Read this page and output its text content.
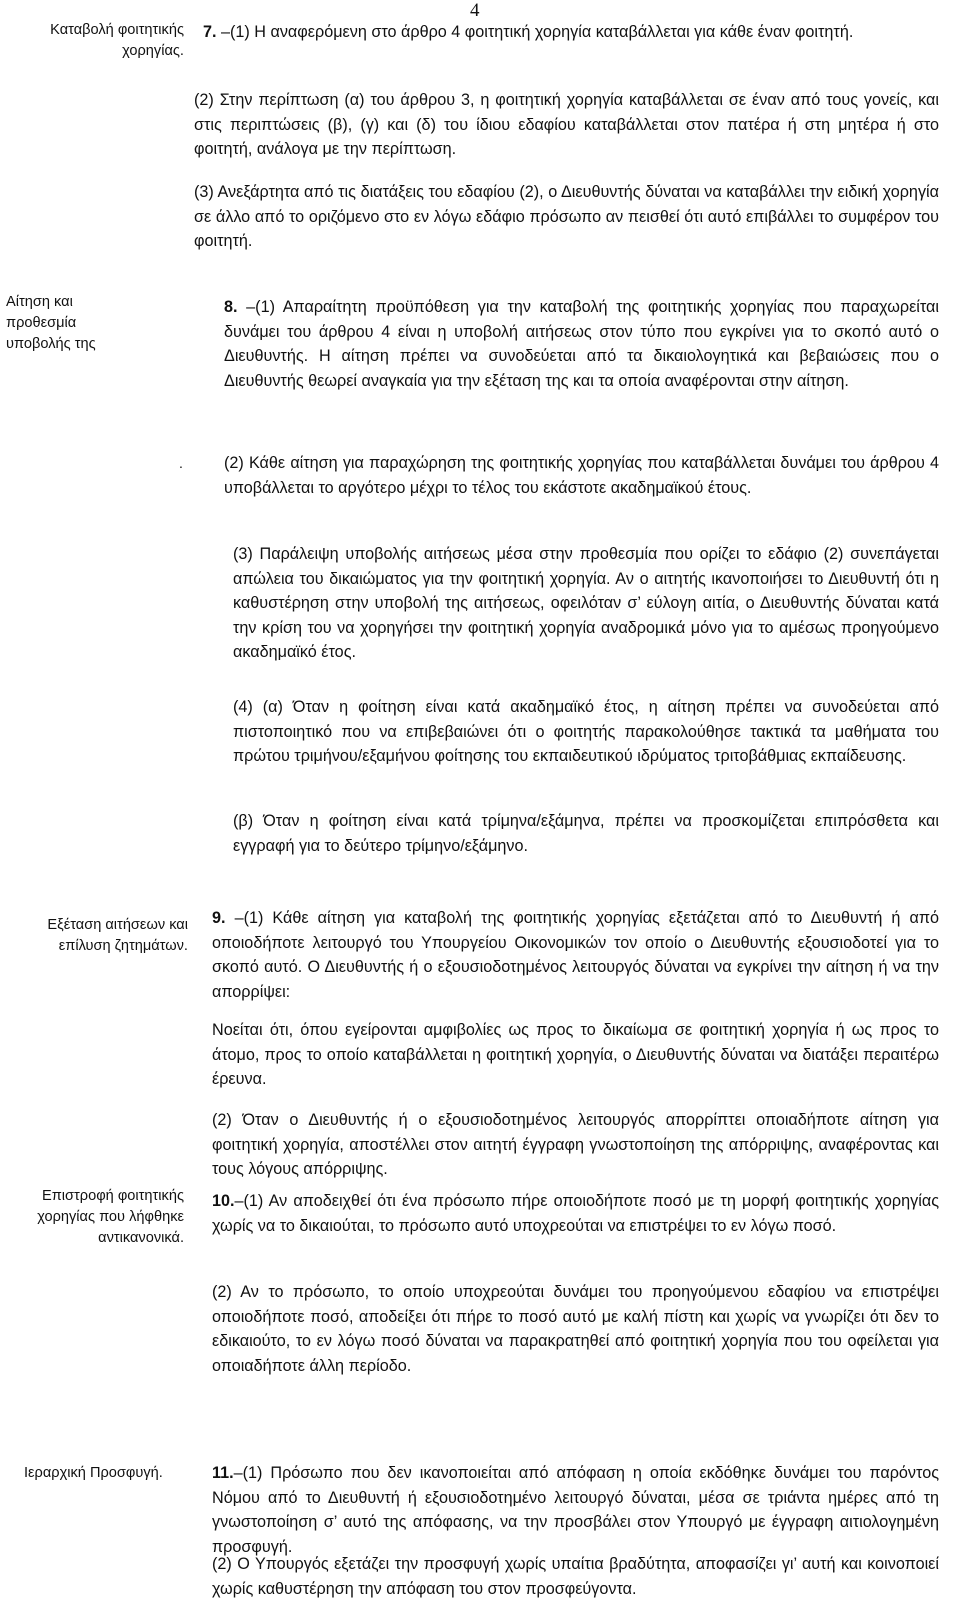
4
Καταβολή φοιτητικής χορηγίας.
Αίτηση και προθεσμία υποβολής της
Εξέταση αιτήσεων και επίλυση ζητημάτων.
Επιστροφή φοιτητικής χορηγίας που λήφθηκε αντικανονικά.
Ιεραρχική Προσφυγή.

7. –(1) Η αναφερόμενη στο άρθρο 4 φοιτητική χορηγία καταβάλλεται για κάθε έναν φοιτητή.

(2) Στην περίπτωση (α) του άρθρου 3, η φοιτητική χορηγία καταβάλλεται σε έναν από τους γονείς, και στις περιπτώσεις (β), (γ) και (δ) του ίδιου εδαφίου καταβάλλεται στον πατέρα ή στη μητέρα ή στο φοιτητή, ανάλογα με την περίπτωση.

(3) Ανεξάρτητα από τις διατάξεις του εδαφίου (2), ο Διευθυντής δύναται να καταβάλλει την ειδική χορηγία σε άλλο από το οριζόμενο στο εν λόγω εδάφιο πρόσωπο αν πεισθεί ότι αυτό επιβάλλει το συμφέρον του φοιτητή.

8. –(1) Απαραίτητη προϋπόθεση για την καταβολή της φοιτητικής χορηγίας που παραχωρείται δυνάμει του άρθρου 4 είναι η υποβολή αιτήσεως στον τύπο που εγκρίνει για το σκοπό αυτό ο Διευθυντής. Η αίτηση πρέπει να συνοδεύεται από τα δικαιολογητικά και βεβαιώσεις που ο Διευθυντής θεωρεί αναγκαία για την εξέταση της και τα οποία αναφέρονται στην αίτηση.

.	(2) Κάθε αίτηση για παραχώρηση της φοιτητικής χορηγίας που καταβάλλεται δυνάμει του άρθρου 4 υποβάλλεται το αργότερο μέχρι το τέλος του εκάστοτε ακαδημαϊκού έτους.

(3) Παράλειψη υποβολής αιτήσεως μέσα στην προθεσμία που ορίζει το εδάφιο (2) συνεπάγεται απώλεια του δικαιώματος για την φοιτητική χορηγία. Αν ο αιτητής ικανοποιήσει το Διευθυντή ότι η καθυστέρηση στην υποβολή της αιτήσεως, οφειλόταν σ’ εύλογη αιτία, ο Διευθυντής δύναται κατά την κρίση του να χορηγήσει την φοιτητική χορηγία αναδρομικά μόνο για το αμέσως προηγούμενο ακαδημαϊκό έτος.

(4) (α) Όταν η φοίτηση είναι κατά ακαδημαϊκό έτος, η αίτηση πρέπει να συνοδεύεται από πιστοποιητικό που να επιβεβαιώνει ότι ο φοιτητής παρακολούθησε τακτικά τα μαθήματα του πρώτου τριμήνου/εξαμήνου φοίτησης του εκπαιδευτικού ιδρύματος τριτοβάθμιας εκπαίδευσης.

(β) Όταν η φοίτηση είναι κατά τρίμηνα/εξάμηνα, πρέπει να προσκομίζεται επιπρόσθετα και εγγραφή για το δεύτερο τρίμηνο/εξάμηνο.

9. –(1) Κάθε αίτηση για καταβολή της φοιτητικής χορηγίας εξετάζεται από το Διευθυντή ή από οποιοδήποτε λειτουργό του Υπουργείου Οικονομικών τον οποίο ο Διευθυντής εξουσιοδοτεί για το σκοπό αυτό. Ο Διευθυντής ή ο εξουσιοδοτημένος λειτουργός δύναται να εγκρίνει την αίτηση ή να την απορρίψει:

Νοείται ότι, όπου εγείρονται αμφιβολίες ως προς το δικαίωμα σε φοιτητική χορηγία ή ως προς το άτομο, προς το οποίο καταβάλλεται η φοιτητική χορηγία, ο Διευθυντής δύναται να διατάξει περαιτέρω έρευνα.

(2) Όταν ο Διευθυντής ή ο εξουσιοδοτημένος λειτουργός απορρίπτει οποιαδήποτε αίτηση για φοιτητική χορηγία, αποστέλλει στον αιτητή έγγραφη γνωστοποίηση της απόρριψης, αναφέροντας και τους λόγους απόρριψης.

10.–(1) Αν αποδειχθεί ότι ένα πρόσωπο πήρε οποιοδήποτε ποσό με τη μορφή φοιτητικής χορηγίας χωρίς να το δικαιούται, το πρόσωπο αυτό υποχρεούται να επιστρέψει το εν λόγω ποσό.

(2) Αν το πρόσωπο, το οποίο υποχρεούται δυνάμει του προηγούμενου εδαφίου να επιστρέψει οποιοδήποτε ποσό, αποδείξει ότι πήρε το ποσό αυτό με καλή πίστη και χωρίς να γνωρίζει ότι δεν το εδικαιούτο, το εν λόγω ποσό δύναται να παρακρατηθεί από φοιτητική χορηγία που του οφείλεται για οποιαδήποτε άλλη περίοδο.

11.–(1) Πρόσωπο που δεν ικανοποιείται από απόφαση η οποία εκδόθηκε δυνάμει του παρόντος Νόμου από το Διευθυντή ή εξουσιοδοτημένο λειτουργό δύναται, μέσα σε τριάντα ημέρες από τη γνωστοποίηση σ’ αυτό της απόφασης, να την προσβάλει στον Υπουργό με έγγραφη αιτιολογημένη προσφυγή.

(2) Ο Υπουργός εξετάζει την προσφυγή χωρίς υπαίτια βραδύτητα, αποφασίζει γι’ αυτή και κοινοποιεί χωρίς καθυστέρηση την απόφαση του στον προσφεύγοντα.
